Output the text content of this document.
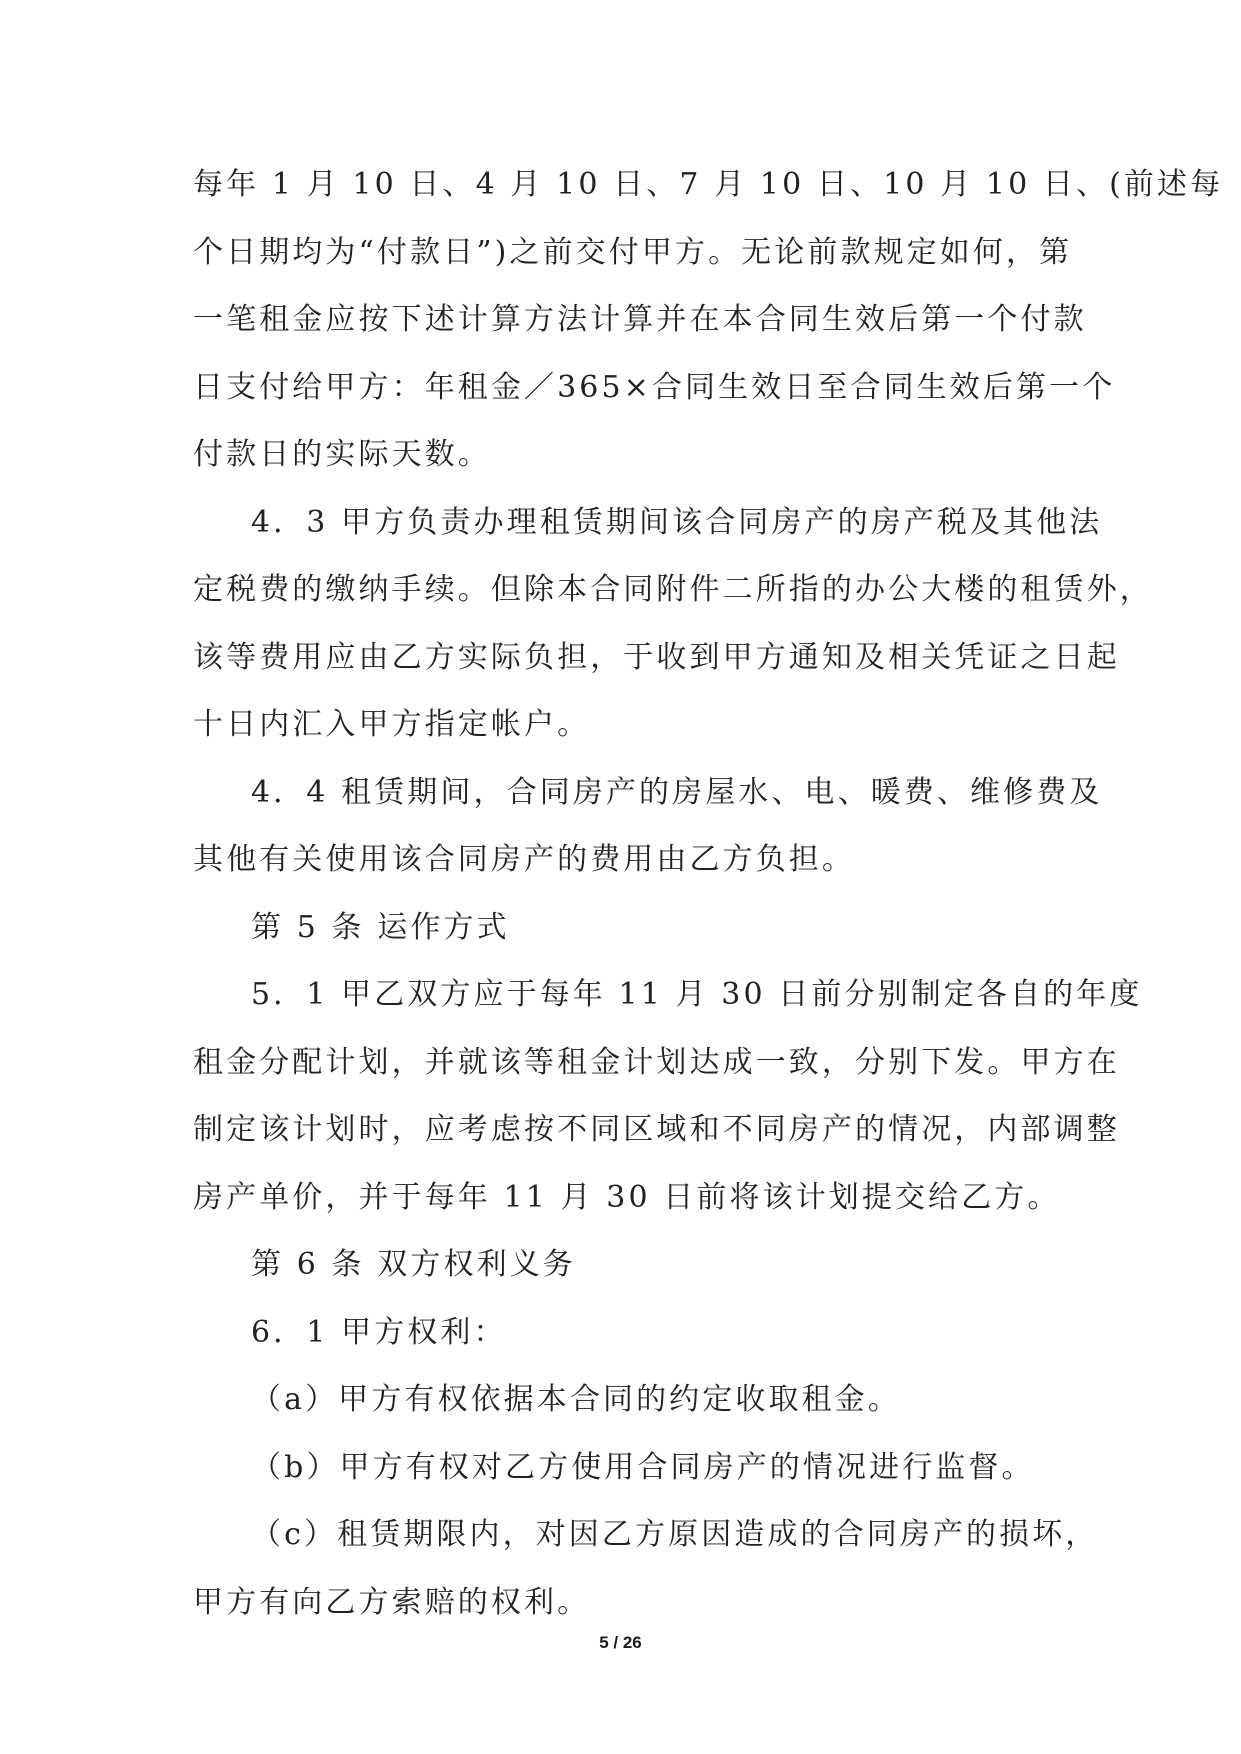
每年 1 月 10 日、4 月 10 日、7 月 10 日、10 月 10 日、(前述每
个日期均为“付款日”)之前交付甲方。无论前款规定如何，第
一笔租金应按下述计算方法计算并在本合同生效后第一个付款
日支付给甲方：年租金／365×合同生效日至合同生效后第一个
付款日的实际天数。
4．3 甲方负责办理租赁期间该合同房产的房产税及其他法
定税费的缴纳手续。但除本合同附件二所指的办公大楼的租赁外，
该等费用应由乙方实际负担，于收到甲方通知及相关凭证之日起
十日内汇入甲方指定帐户。
4．4 租赁期间，合同房产的房屋水、电、暖费、维修费及
其他有关使用该合同房产的费用由乙方负担。
第 5 条 运作方式
5．1 甲乙双方应于每年 11 月 30 日前分别制定各自的年度
租金分配计划，并就该等租金计划达成一致，分别下发。甲方在
制定该计划时，应考虑按不同区域和不同房产的情况，内部调整
房产单价，并于每年 11 月 30 日前将该计划提交给乙方。
第 6 条 双方权利义务
6．1 甲方权利：
（a）甲方有权依据本合同的约定收取租金。
（b）甲方有权对乙方使用合同房产的情况进行监督。
（c）租赁期限内，对因乙方原因造成的合同房产的损坏，
甲方有向乙方索赔的权利。
5 / 26
